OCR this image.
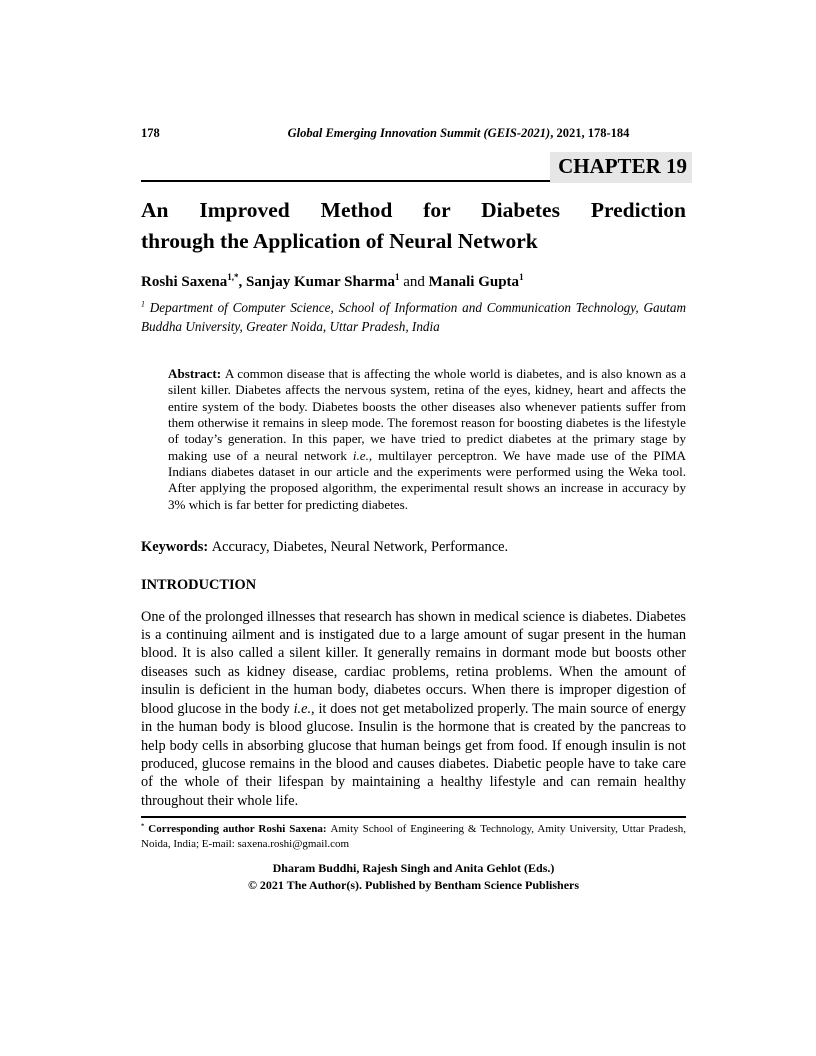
178	Global Emerging Innovation Summit (GEIS-2021), 2021, 178-184
CHAPTER 19
An Improved Method for Diabetes Prediction
through the Application of Neural Network
Roshi Saxena$^{1,*}$, Sanjay Kumar Sharma$^1$ and Manali Gupta$^1$
$^1$ Department of Computer Science, School of Information and Communication Technology, Gautam Buddha University, Greater Noida, Uttar Pradesh, India
Abstract: A common disease that is affecting the whole world is diabetes, and is also known as a silent killer. Diabetes affects the nervous system, retina of the eyes, kidney, heart and affects the entire system of the body. Diabetes boosts the other diseases also whenever patients suffer from them otherwise it remains in sleep mode. The foremost reason for boosting diabetes is the lifestyle of today’s generation. In this paper, we have tried to predict diabetes at the primary stage by making use of a neural network i.e., multilayer perceptron. We have made use of the PIMA Indians diabetes dataset in our article and the experiments were performed using the Weka tool. After applying the proposed algorithm, the experimental result shows an increase in accuracy by 3% which is far better for predicting diabetes.
Keywords: Accuracy, Diabetes, Neural Network, Performance.
INTRODUCTION
One of the prolonged illnesses that research has shown in medical science is diabetes. Diabetes is a continuing ailment and is instigated due to a large amount of sugar present in the human blood. It is also called a silent killer. It generally remains in dormant mode but boosts other diseases such as kidney disease, cardiac problems, retina problems. When the amount of insulin is deficient in the human body, diabetes occurs. When there is improper digestion of blood glucose in the body i.e., it does not get metabolized properly. The main source of energy in the human body is blood glucose. Insulin is the hormone that is created by the pancreas to help body cells in absorbing glucose that human beings get from food. If enough insulin is not produced, glucose remains in the blood and causes diabetes. Diabetic people have to take care of the whole of their lifespan by maintaining a healthy lifestyle and can remain healthy throughout their whole life.
* Corresponding author Roshi Saxena: Amity School of Engineering & Technology, Amity University, Uttar Pradesh, Noida, India; E-mail: saxena.roshi@gmail.com
Dharam Buddhi, Rajesh Singh and Anita Gehlot (Eds.)
© 2021 The Author(s). Published by Bentham Science Publishers
